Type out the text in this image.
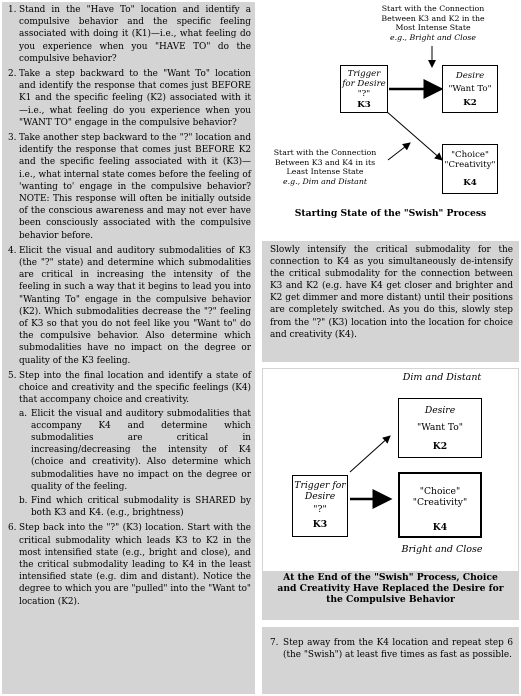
1. Stand in the "Have To" location and identify a compulsive behavior and the specific feeling associated with doing it (K1)—i.e., what feeling do you experience when you "HAVE TO" do the compulsive behavior?
2. Take a step backward to the "Want To" location and identify the response that comes just BEFORE K1 and the specific feeling (K2) associated with it—i.e., what feeling do you experience when you "WANT TO" engage in the compulsive behavior?
3. Take another step backward to the "?" location and identify the response that comes just BEFORE K2 and the specific feeling associated with it (K3)—i.e., what internal state comes before the feeling of 'wanting to' engage in the compulsive behavior? NOTE: This response will often be initially outside of the conscious awareness and may not ever have been consciously associated with the compulsive behavior before.
4. Elicit the visual and auditory submodalities of K3 (the "?" state) and determine which submodalities are critical in increasing the intensity of the feeling in such a way that it begins to lead you into "Wanting To" engage in the compulsive behavior (K2). Which submodalities decrease the "?" feeling of K3 so that you do not feel like you "Want to" do the compulsive behavior. Also determine which submodalities have no impact on the degree or quality of the K3 feeling.
5. Step into the final location and identify a state of choice and creativity and the specific feelings (K4) that accompany choice and creativity.
a. Elicit the visual and auditory submodalities that accompany K4 and determine which submodalities are critical in increasing/decreasing the intensity of K4 (choice and creativity). Also determine which submodalities have no impact on the degree or quality of the feeling.
b. Find which critical submodality is SHARED by both K3 and K4. (e.g., brightness)
6. Step back into the "?" (K3) location. Start with the critical submodality which leads K3 to K2 in the most intensified state (e.g., bright and close), and the critical submodality leading to K4 in the least intensified state (e.g. dim and distant). Notice the degree to which you are "pulled" into the "Want to" location (K2).
Start with the Connection Between K3 and K2 in the Most Intense State
e.g., Bright and Close
Trigger for Desire
"?"
K3
Desire
"Want To"
K2
"Choice"
"Creativity"
K4
Start with the Connection Between K3 and K4 in its Least Intense State
e.g., Dim and Distant
Starting State of the "Swish" Process
Slowly intensify the critical submodality for the connection to K4 as you simultaneously de-intensify the critical submodality for the connection between K3 and K2 (e.g. have K4 get closer and brighter and K2 get dimmer and more distant) until their positions are completely switched. As you do this, slowly step from the "?" (K3) location into the location for choice and creativity (K4).
Dim and Distant
Desire
"Want To"
K2
Trigger for Desire
"?"
K3
"Choice"
"Creativity"
K4
Bright and Close
At the End of the "Swish" Process, Choice and Creativity Have Replaced the Desire for the Compulsive Behavior
7. Step away from the K4 location and repeat step 6 (the "Swish") at least five times as fast as possible.
